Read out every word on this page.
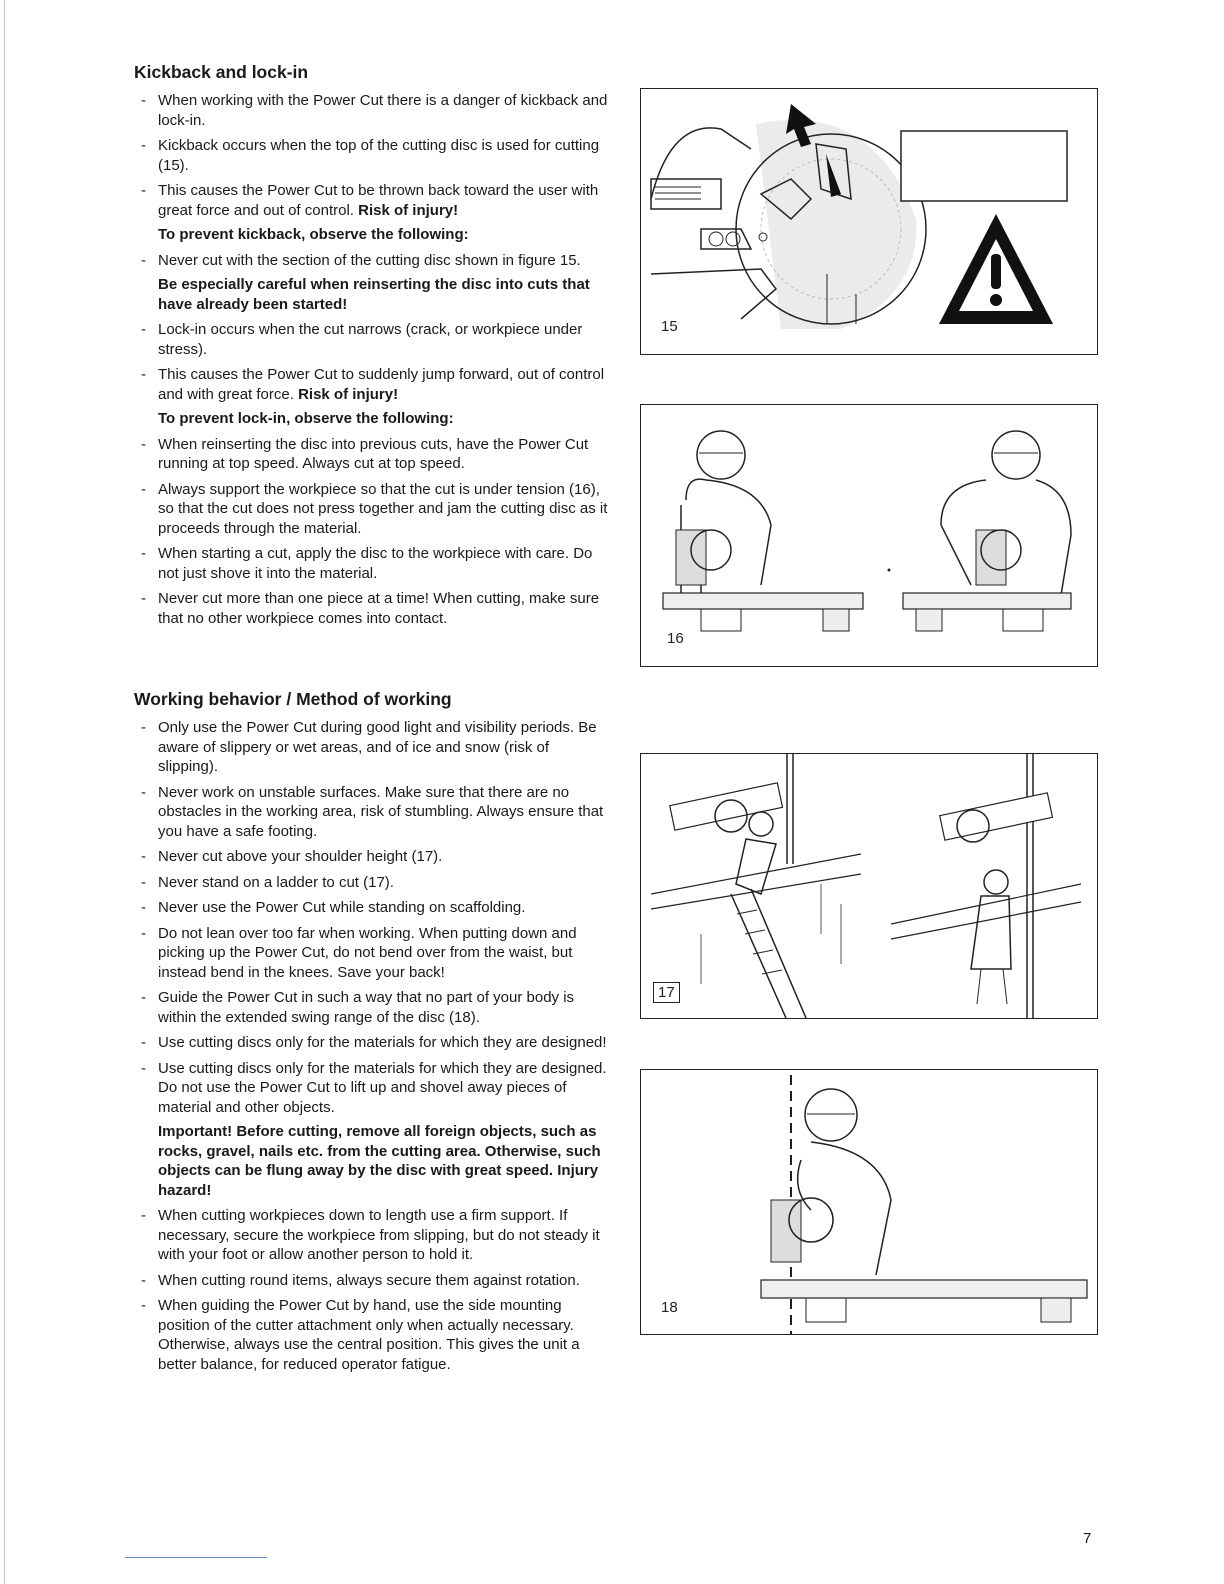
Kickback and lock-in
- When working with the Power Cut there is a danger of kickback and lock-in.
- Kickback occurs when the top of the cutting disc is used for cutting (15).
- This causes the Power Cut to be thrown back toward the user with great force and out of control. Risk of injury!
To prevent kickback, observe the following:
- Never cut with the section of the cutting disc shown in figure 15.
Be especially careful when reinserting the disc into cuts that have already been started!
- Lock-in occurs when the cut narrows (crack, or workpiece under stress).
- This causes the Power Cut to suddenly jump forward, out of control and with great force. Risk of injury!
To prevent lock-in, observe the following:
- When reinserting the disc into previous cuts, have the Power Cut running at top speed. Always cut at top speed.
- Always support the workpiece so that the cut is under tension (16), so that the cut does not press together and jam the cutting disc as it proceeds through the material.
- When starting a cut, apply the disc to the workpiece with care. Do not just shove it into the material.
- Never cut more than one piece at a time! When cutting, make sure that no other workpiece comes into contact.
Working behavior / Method of working
- Only use the Power Cut during good light and visibility periods. Be aware of slippery or wet areas, and of ice and snow (risk of slipping).
- Never work on unstable surfaces. Make sure that there are no obstacles in the working area, risk of stumbling. Always ensure that you have a safe footing.
- Never cut above your shoulder height (17).
- Never stand on a ladder to cut (17).
- Never use the Power Cut while standing on scaffolding.
- Do not lean over too far when working. When putting down and picking up the Power Cut, do not bend over from the waist, but instead bend in the knees. Save your back!
- Guide the Power Cut in such a way that no part of your body is within the extended swing range of the disc (18).
- Use cutting discs only for the materials for which they are designed!
- Use cutting discs only for the materials for which they are designed. Do not use the Power Cut to lift up and shovel away pieces of material and other objects.
Important! Before cutting, remove all foreign objects, such as rocks, gravel, nails etc. from the cutting area. Otherwise, such objects can be flung away by the disc with great speed. Injury hazard!
- When cutting workpieces down to length use a firm support. If necessary, secure the workpiece from slipping, but do not steady it with your foot or allow another person to hold it.
- When cutting round items, always secure them against rotation.
- When guiding the Power Cut by hand, use the side mounting position of the cutter attachment only when actually necessary. Otherwise, always use the central position. This gives the unit a better balance, for reduced operator fatigue.
15
16
17
18
7
